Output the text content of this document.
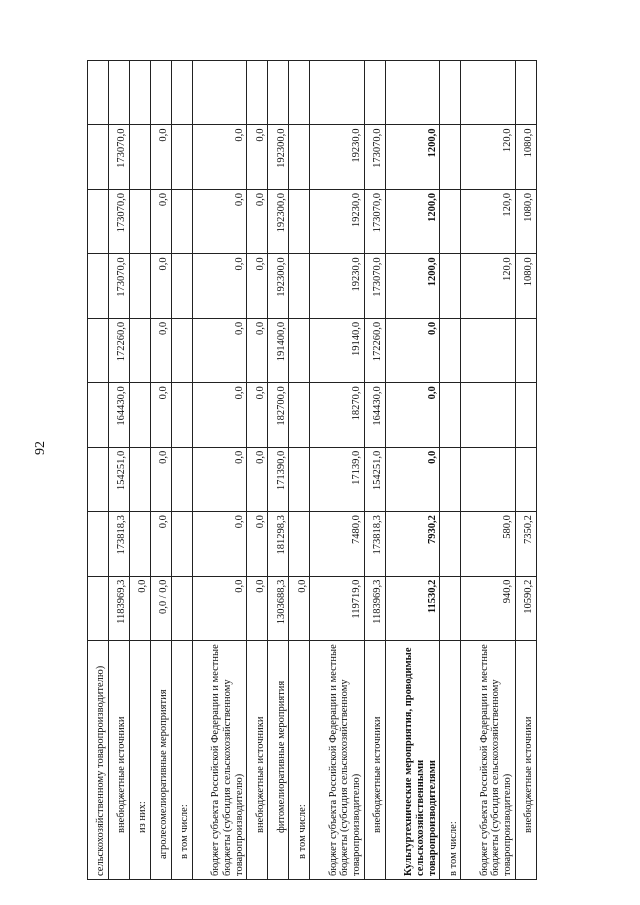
92
сельскохозяйственному товаропроизводителю)									
внебюджетные источники	1183969,3	173818,3	154251,0	164430,0	172260,0	173070,0	173070,0	173070,0	
из них:	0,0								
агролесомелиоративные мероприятия	0,0 / 0,0	0,0	0,0	0,0	0,0	0,0	0,0	0,0	
в том числе:									
бюджет субъекта Российской Федерации и местные бюджеты (субсидия сельскохозяйственному товаропроизводителю)	0,0	0,0	0,0	0,0	0,0	0,0	0,0	0,0	
внебюджетные источники	0,0	0,0	0,0	0,0	0,0	0,0	0,0	0,0	
фитомелиоративные мероприятия	1303688,3	181298,3	171390,0	182700,0	191400,0	192300,0	192300,0	192300,0	
в том числе:	0,0								
бюджет субъекта Российской Федерации и местные бюджеты (субсидия сельскохозяйственному товаропроизводителю)	119719,0	7480,0	17139,0	18270,0	19140,0	19230,0	19230,0	19230,0	
внебюджетные источники	1183969,3	173818,3	154251,0	164430,0	172260,0	173070,0	173070,0	173070,0	
Культуртехнические мероприятия, проводимые сельскохозяйственными товаропроизводителями	11530,2	7930,2	0,0	0,0	0,0	1200,0	1200,0	1200,0	
в том числе:									
бюджет субъекта Российской Федерации и местные бюджеты (субсидия сельскохозяйственному товаропроизводителю)	940,0	580,0				120,0	120,0	120,0	
внебюджетные источники	10590,2	7350,2				1080,0	1080,0	1080,0	
